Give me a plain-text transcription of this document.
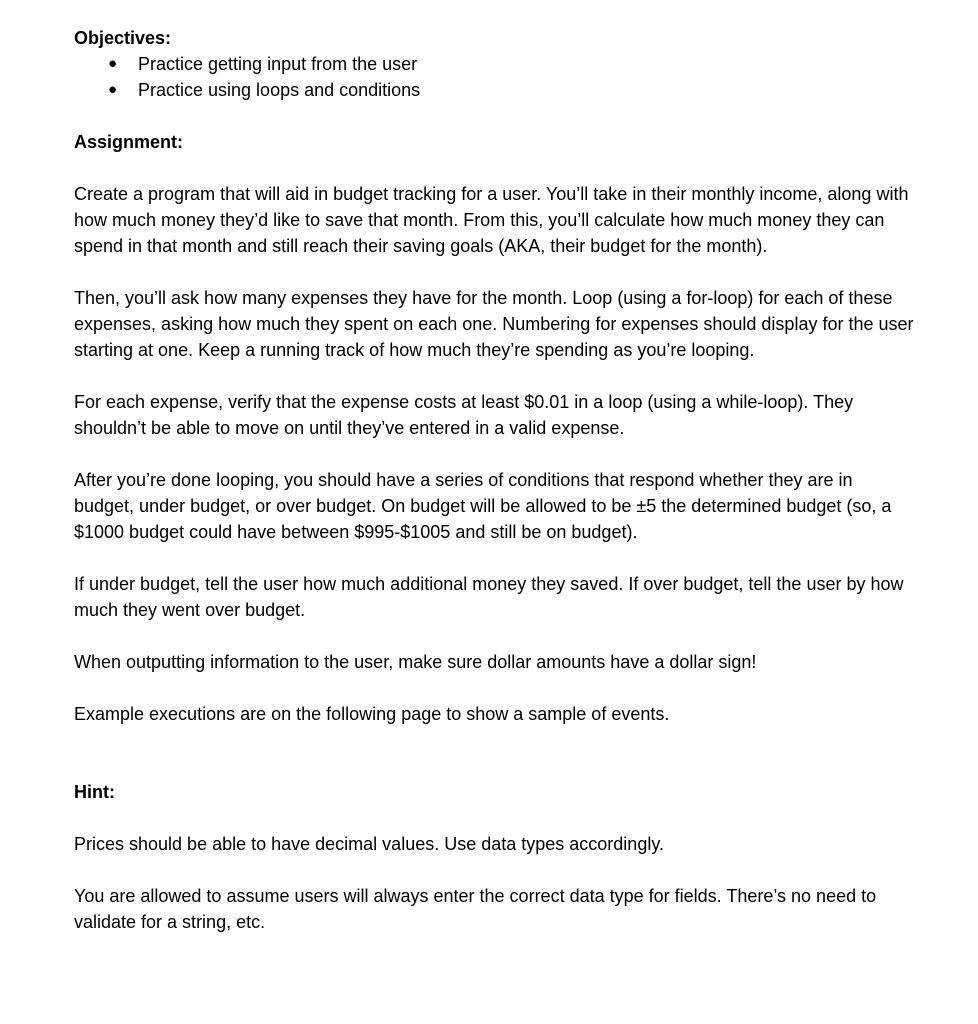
Objectives:
● Practice getting input from the user
● Practice using loops and conditions
Assignment:

Create a program that will aid in budget tracking for a user. You’ll take in their monthly income, along with how much money they’d like to save that month. From this, you’ll calculate how much money they can spend in that month and still reach their saving goals (AKA, their budget for the month).

Then, you’ll ask how many expenses they have for the month. Loop (using a for-loop) for each of these expenses, asking how much they spent on each one. Numbering for expenses should display for the user starting at one. Keep a running track of how much they’re spending as you’re looping.

For each expense, verify that the expense costs at least $0.01 in a loop (using a while-loop). They shouldn’t be able to move on until they’ve entered in a valid expense.

After you’re done looping, you should have a series of conditions that respond whether they are in budget, under budget, or over budget. On budget will be allowed to be ±5 the determined budget (so, a $1000 budget could have between $995-$1005 and still be on budget).

If under budget, tell the user how much additional money they saved. If over budget, tell the user by how much they went over budget.

When outputting information to the user, make sure dollar amounts have a dollar sign!

Example executions are on the following page to show a sample of events.

Hint:

Prices should be able to have decimal values. Use data types accordingly.

You are allowed to assume users will always enter the correct data type for fields. There’s no need to validate for a string, etc.
